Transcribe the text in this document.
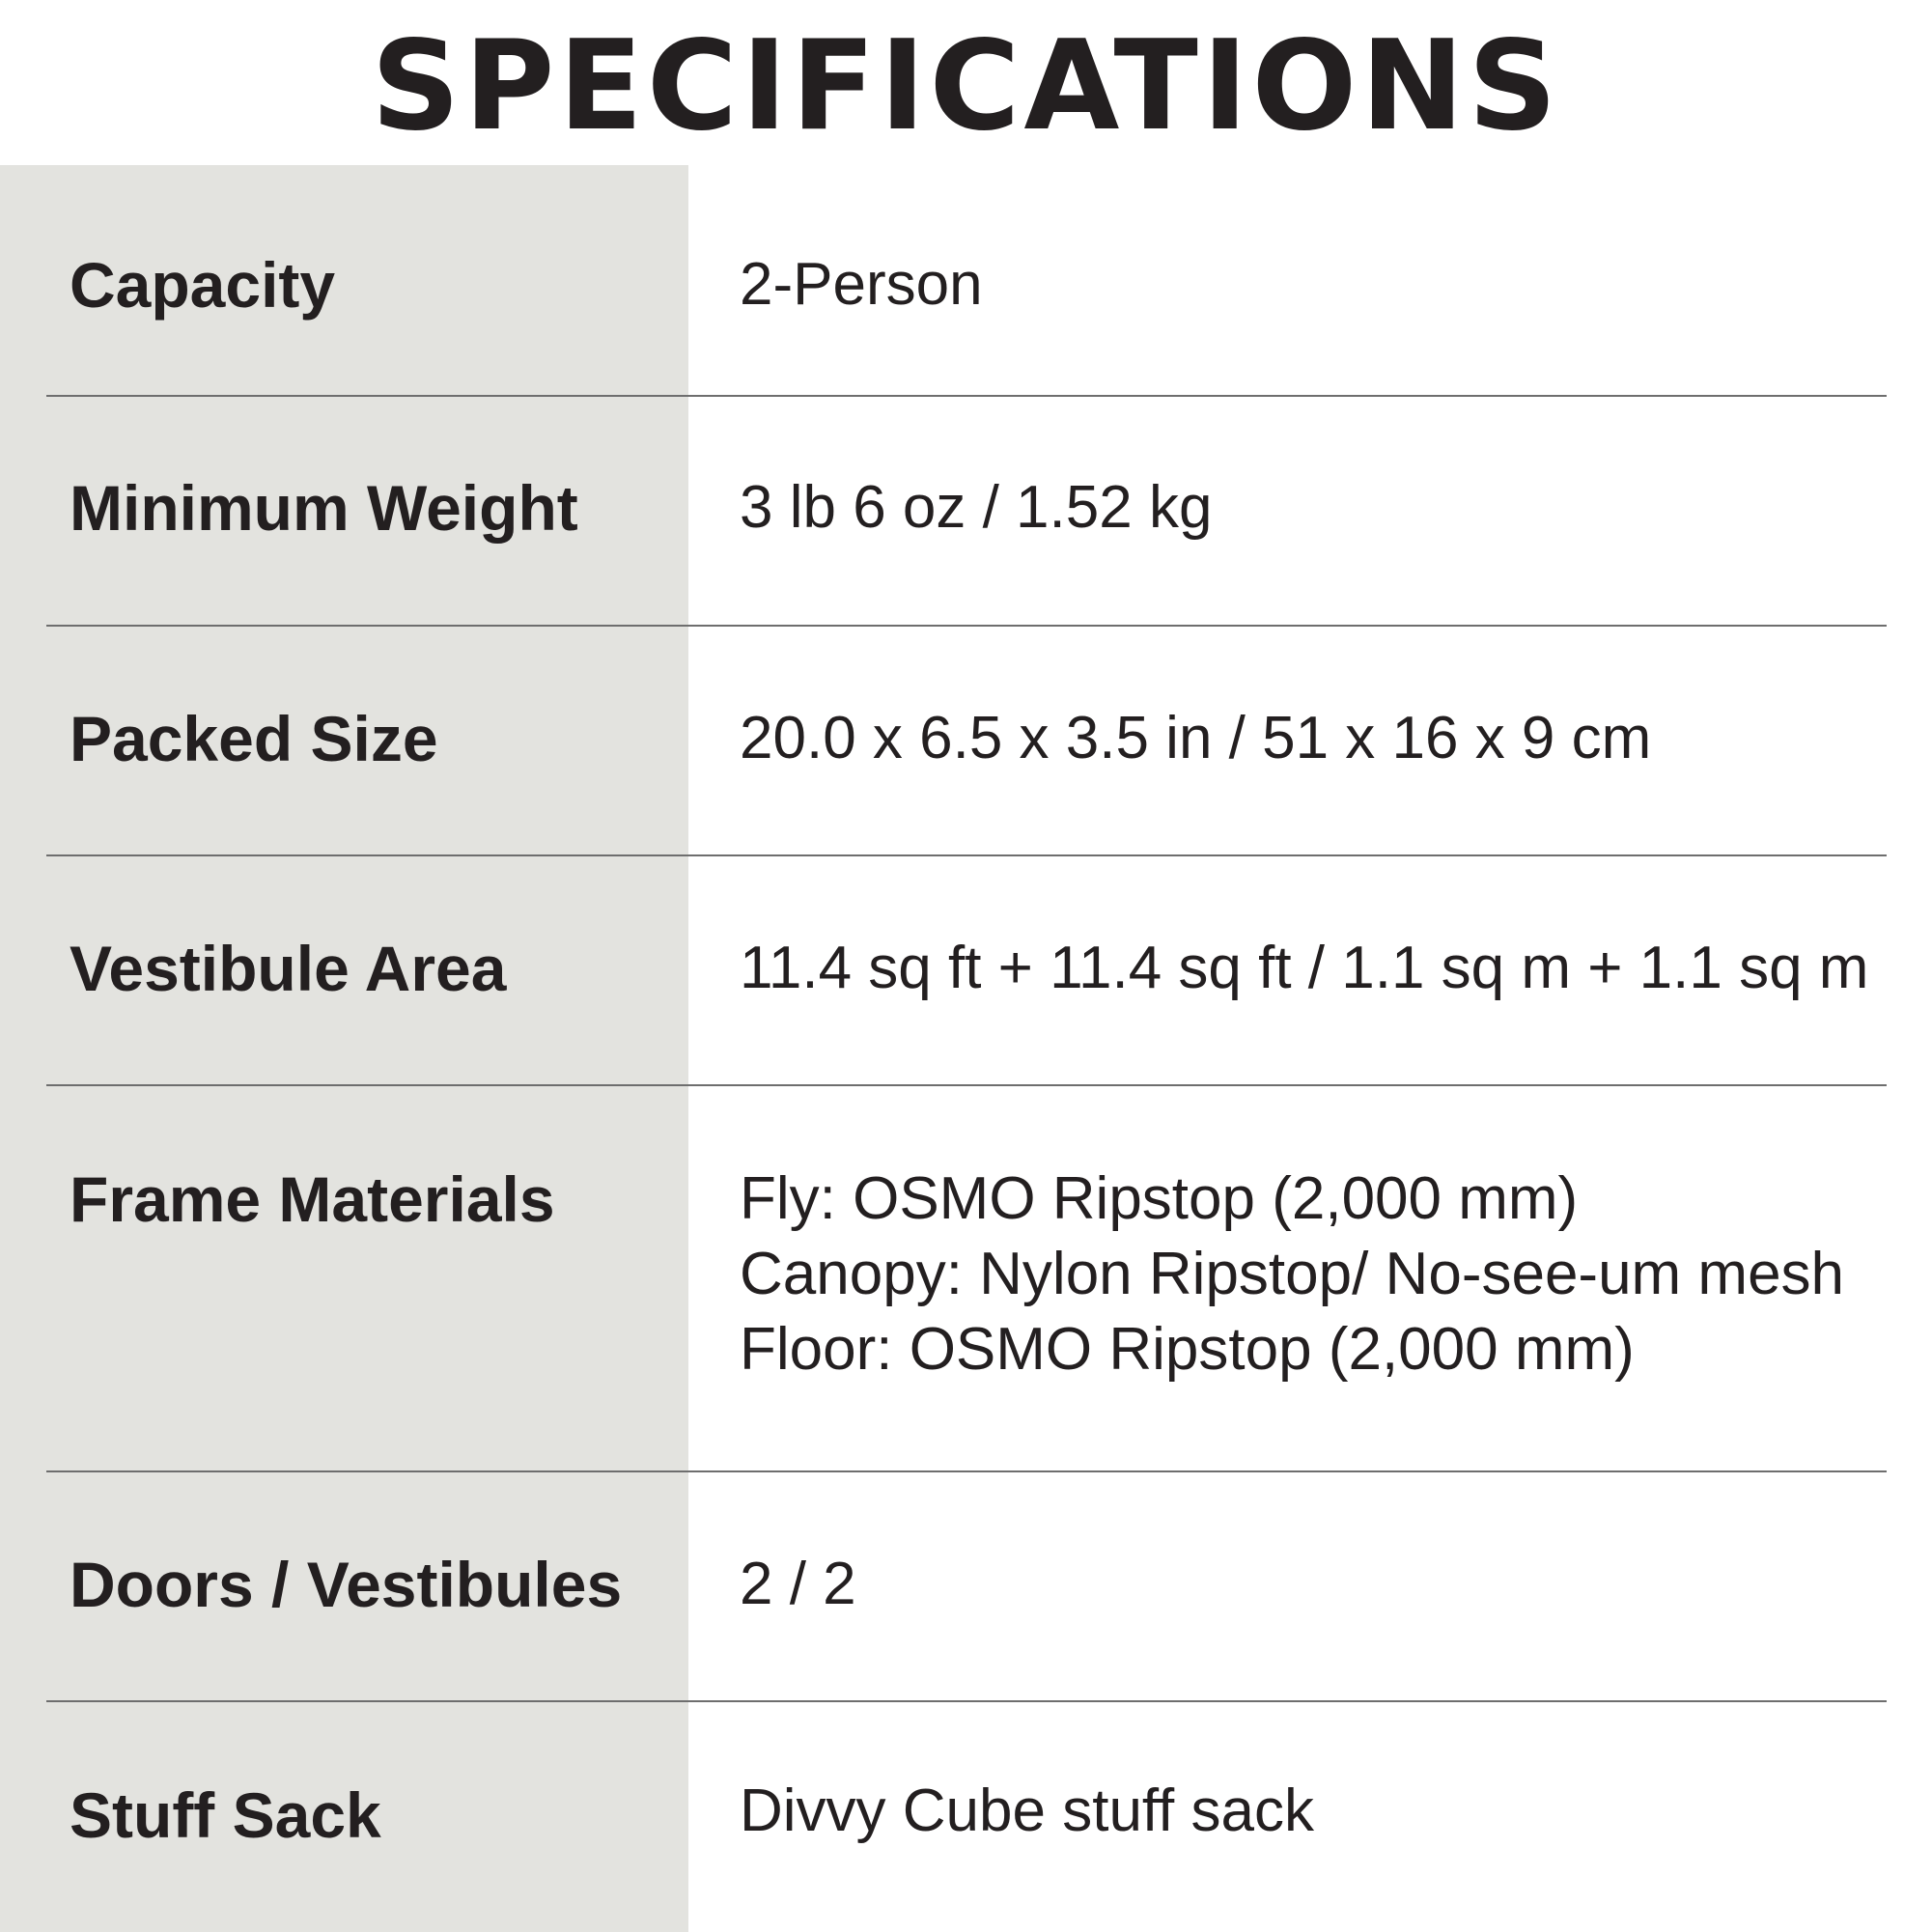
SPECIFICATIONS
Capacity	2-Person
Minimum Weight	3 lb 6 oz / 1.52 kg
Packed Size	20.0 x 6.5 x 3.5 in / 51 x 16 x 9 cm
Vestibule Area	11.4 sq ft + 11.4 sq ft / 1.1 sq m + 1.1 sq m
Frame Materials	Fly: OSMO Ripstop (2,000 mm)
Canopy: Nylon Ripstop/ No-see-um mesh
Floor: OSMO Ripstop (2,000 mm)
Doors / Vestibules	2 / 2
Stuff Sack	Divvy Cube stuff sack
